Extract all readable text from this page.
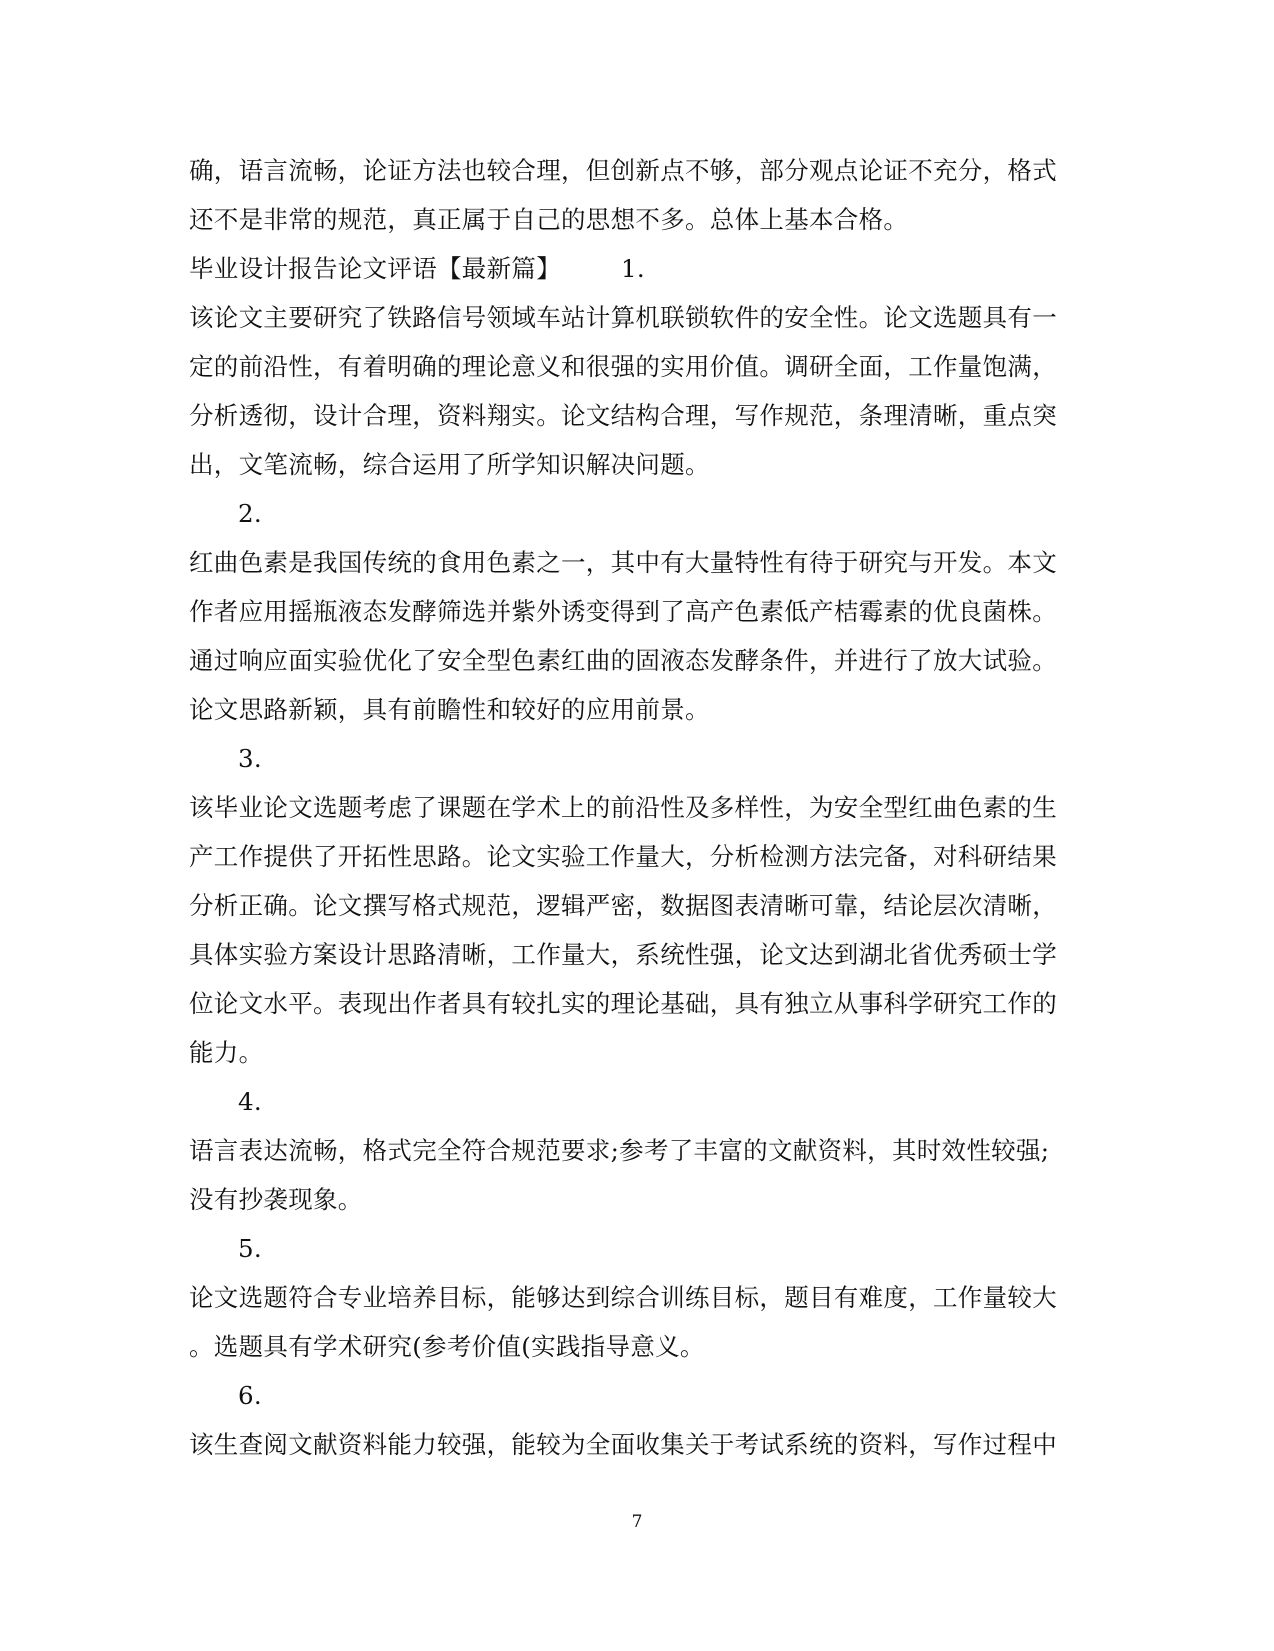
确，语言流畅，论证方法也较合理，但创新点不够，部分观点论证不充分，格式
还不是非常的规范，真正属于自己的思想不多。总体上基本合格。
毕业设计报告论文评语【最新篇】 1.
该论文主要研究了铁路信号领域车站计算机联锁软件的安全性。论文选题具有一
定的前沿性，有着明确的理论意义和很强的实用价值。调研全面，工作量饱满，
分析透彻，设计合理，资料翔实。论文结构合理，写作规范，条理清晰，重点突
出，文笔流畅，综合运用了所学知识解决问题。
2.
红曲色素是我国传统的食用色素之一，其中有大量特性有待于研究与开发。本文
作者应用摇瓶液态发酵筛选并紫外诱变得到了高产色素低产桔霉素的优良菌株。
通过响应面实验优化了安全型色素红曲的固液态发酵条件，并进行了放大试验。
论文思路新颖，具有前瞻性和较好的应用前景。
3.
该毕业论文选题考虑了课题在学术上的前沿性及多样性，为安全型红曲色素的生
产工作提供了开拓性思路。论文实验工作量大，分析检测方法完备，对科研结果
分析正确。论文撰写格式规范，逻辑严密，数据图表清晰可靠，结论层次清晰，
具体实验方案设计思路清晰，工作量大，系统性强，论文达到湖北省优秀硕士学
位论文水平。表现出作者具有较扎实的理论基础，具有独立从事科学研究工作的
能力。
4.
语言表达流畅，格式完全符合规范要求;参考了丰富的文献资料，其时效性较强;
没有抄袭现象。
5.
论文选题符合专业培养目标，能够达到综合训练目标，题目有难度，工作量较大
。选题具有学术研究(参考价值(实践指导意义。
6.
该生查阅文献资料能力较强，能较为全面收集关于考试系统的资料，写作过程中
7
